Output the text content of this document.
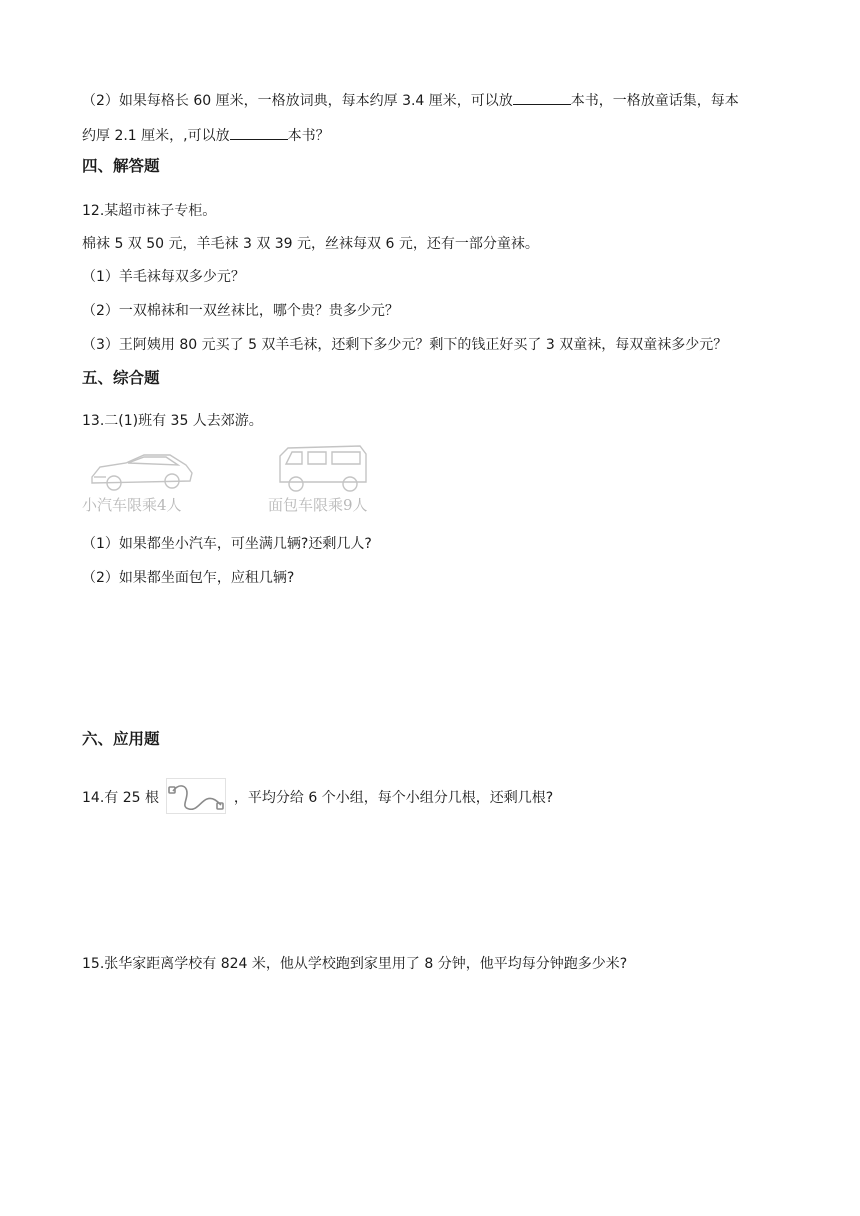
（2）如果每格长 60 厘米，一格放词典，每本约厚 3.4 厘米，可以放	本书，一格放童话集，每本
约厚 2.1 厘米，,可以放	本书？
四、解答题
12.某超市袜子专柜。
棉袜 5 双 50 元，羊毛袜 3 双 39 元，丝袜每双 6 元，还有一部分童袜。
（1）羊毛袜每双多少元？
（2）一双棉袜和一双丝袜比，哪个贵？贵多少元？
（3）王阿姨用 80 元买了 5 双羊毛袜，还剩下多少元？剩下的钱正好买了 3 双童袜，每双童袜多少元？
五、综合题
13.二(1)班有 35 人去郊游。
小汽车限乘4人	面包车限乘9人
（1）如果都坐小汽车，可坐满几辆?还剩几人?
（2）如果都坐面包乍，应租几辆?
六、应用题
14.有 25 根	，平均分给 6 个小组，每个小组分几根，还剩几根?
15.张华家距离学校有 824 米，他从学校跑到家里用了 8 分钟，他平均每分钟跑多少米?
